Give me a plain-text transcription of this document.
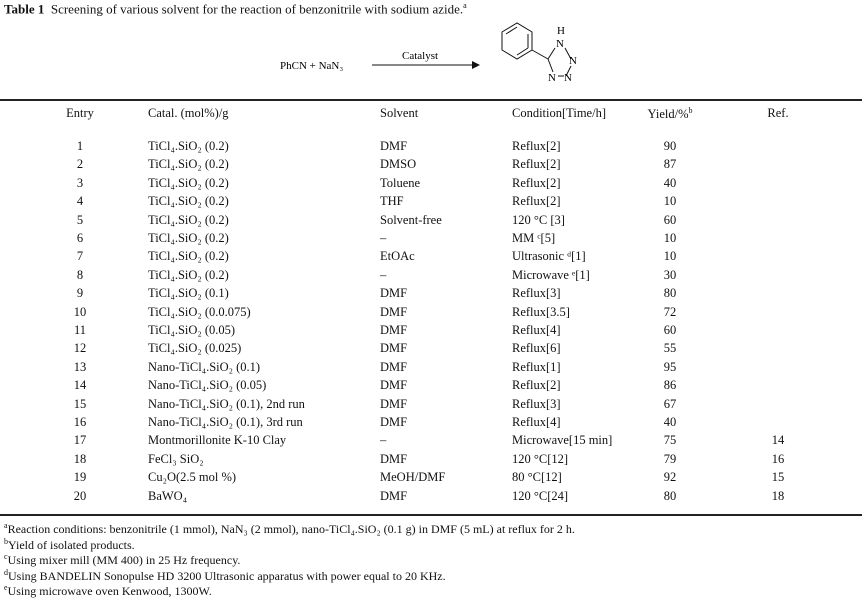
Table 1 Screening of various solvent for the reaction of benzonitrile with sodium azide.$^a$
PhCN + NaN₃
Catalyst
H
N
N
N N
Entry	Catal. (mol%)/g	Solvent	Condition[Time/h]	Yield/%$^b$	Ref.
1	TiCl₄.SiO₂ (0.2)	DMF	Reflux[2]	90
2	TiCl₄.SiO₂ (0.2)	DMSO	Reflux[2]	87
3	TiCl₄.SiO₂ (0.2)	Toluene	Reflux[2]	40
4	TiCl₄.SiO₂ (0.2)	THF	Reflux[2]	10
5	TiCl₄.SiO₂ (0.2)	Solvent-free	120 °C [3]	60
6	TiCl₄.SiO₂ (0.2)	–	MM ᶜ[5]	10
7	TiCl₄.SiO₂ (0.2)	EtOAc	Ultrasonic ᵈ[1]	10
8	TiCl₄.SiO₂ (0.2)	–	Microwave ᵉ[1]	30
9	TiCl₄.SiO₂ (0.1)	DMF	Reflux[3]	80
10	TiCl₄.SiO₂ (0.0.075)	DMF	Reflux[3.5]	72
11	TiCl₄.SiO₂ (0.05)	DMF	Reflux[4]	60
12	TiCl₄.SiO₂ (0.025)	DMF	Reflux[6]	55
13	Nano-TiCl₄.SiO₂ (0.1)	DMF	Reflux[1]	95
14	Nano-TiCl₄.SiO₂ (0.05)	DMF	Reflux[2]	86
15	Nano-TiCl₄.SiO₂ (0.1), 2nd run	DMF	Reflux[3]	67
16	Nano-TiCl₄.SiO₂ (0.1), 3rd run	DMF	Reflux[4]	40
17	Montmorillonite K-10 Clay	–	Microwave[15 min]	75	14
18	FeCl₃ SiO₂	DMF	120 °C[12]	79	16
19	Cu₂O(2.5 mol %)	MeOH/DMF	80 °C[12]	92	15
20	BaWO₄	DMF	120 °C[24]	80	18
$^a$Reaction conditions: benzonitrile (1 mmol), NaN₃ (2 mmol), nano-TiCl₄.SiO₂ (0.1 g) in DMF (5 mL) at reflux for 2 h.
$^b$Yield of isolated products.
$^c$Using mixer mill (MM 400) in 25 Hz frequency.
$^d$Using BANDELIN Sonopulse HD 3200 Ultrasonic apparatus with power equal to 20 KHz.
$^e$Using microwave oven Kenwood, 1300W.
